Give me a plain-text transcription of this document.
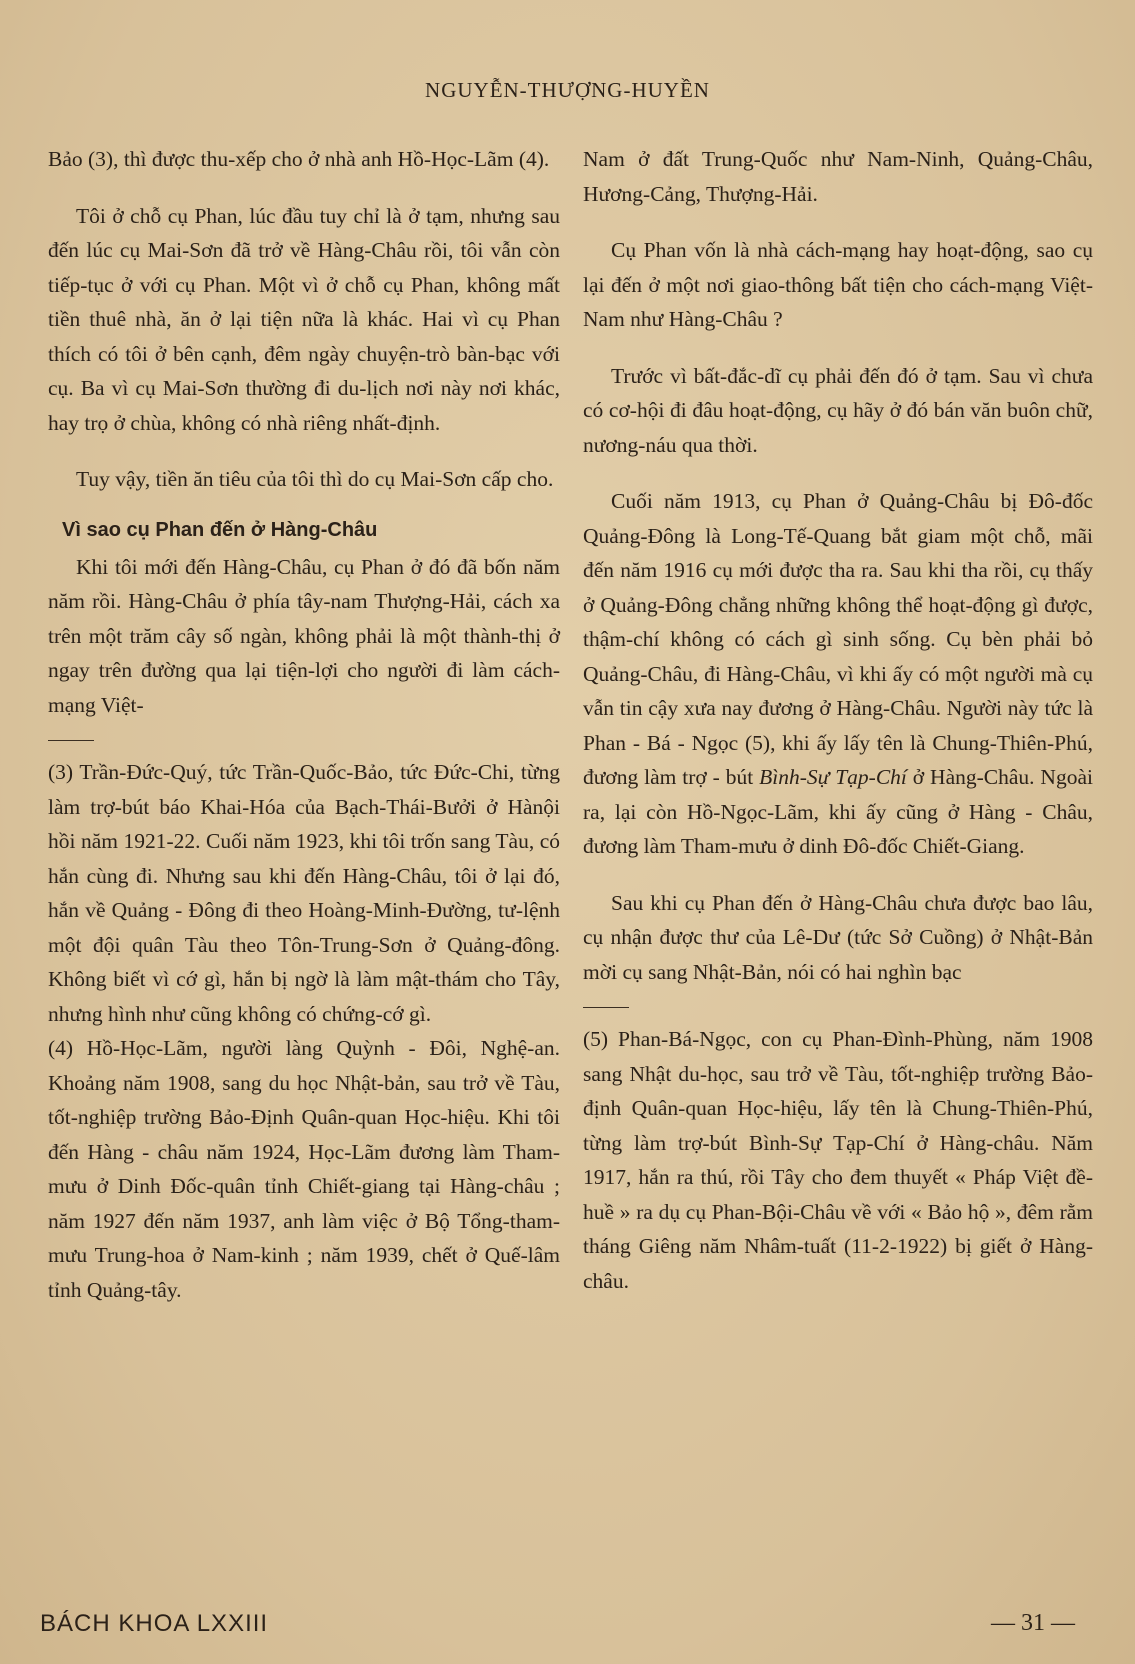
NGUYỄN-THƯỢNG-HUYỀN

Bảo (3), thì được thu-xếp cho ở nhà anh Hồ-Học-Lãm (4).

Tôi ở chỗ cụ Phan, lúc đầu tuy chỉ là ở tạm, nhưng sau đến lúc cụ Mai-Sơn đã trở về Hàng-Châu rồi, tôi vẫn còn tiếp-tục ở với cụ Phan. Một vì ở chỗ cụ Phan, không mất tiền thuê nhà, ăn ở lại tiện nữa là khác. Hai vì cụ Phan thích có tôi ở bên cạnh, đêm ngày chuyện-trò bàn-bạc với cụ. Ba vì cụ Mai-Sơn thường đi du-lịch nơi này nơi khác, hay trọ ở chùa, không có nhà riêng nhất-định.

Tuy vậy, tiền ăn tiêu của tôi thì do cụ Mai-Sơn cấp cho.

Vì sao cụ Phan đến ở Hàng-Châu

Khi tôi mới đến Hàng-Châu, cụ Phan ở đó đã bốn năm năm rồi. Hàng-Châu ở phía tây-nam Thượng-Hải, cách xa trên một trăm cây số ngàn, không phải là một thành-thị ở ngay trên đường qua lại tiện-lợi cho người đi làm cách-mạng Việt-

(3) Trần-Đức-Quý, tức Trần-Quốc-Bảo, tức Đức-Chi, từng làm trợ-bút báo Khai-Hóa của Bạch-Thái-Bưởi ở Hànội hồi năm 1921-22. Cuối năm 1923, khi tôi trốn sang Tàu, có hắn cùng đi. Nhưng sau khi đến Hàng-Châu, tôi ở lại đó, hắn về Quảng - Đông đi theo Hoàng-Minh-Đường, tư-lệnh một đội quân Tàu theo Tôn-Trung-Sơn ở Quảng-đông. Không biết vì cớ gì, hắn bị ngờ là làm mật-thám cho Tây, nhưng hình như cũng không có chứng-cớ gì.

(4) Hồ-Học-Lãm, người làng Quỳnh - Đôi, Nghệ-an. Khoảng năm 1908, sang du học Nhật-bản, sau trở về Tàu, tốt-nghiệp trường Bảo-Định Quân-quan Học-hiệu. Khi tôi đến Hàng - châu năm 1924, Học-Lãm đương làm Tham-mưu ở Dinh Đốc-quân tỉnh Chiết-giang tại Hàng-châu ; năm 1927 đến năm 1937, anh làm việc ở Bộ Tổng-tham-mưu Trung-hoa ở Nam-kinh ; năm 1939, chết ở Quế-lâm tỉnh Quảng-tây.

Nam ở đất Trung-Quốc như Nam-Ninh, Quảng-Châu, Hương-Cảng, Thượng-Hải.

Cụ Phan vốn là nhà cách-mạng hay hoạt-động, sao cụ lại đến ở một nơi giao-thông bất tiện cho cách-mạng Việt-Nam như Hàng-Châu ?

Trước vì bất-đắc-dĩ cụ phải đến đó ở tạm. Sau vì chưa có cơ-hội đi đâu hoạt-động, cụ hãy ở đó bán văn buôn chữ, nương-náu qua thời.

Cuối năm 1913, cụ Phan ở Quảng-Châu bị Đô-đốc Quảng-Đông là Long-Tế-Quang bắt giam một chỗ, mãi đến năm 1916 cụ mới được tha ra. Sau khi tha rồi, cụ thấy ở Quảng-Đông chẳng những không thể hoạt-động gì được, thậm-chí không có cách gì sinh sống. Cụ bèn phải bỏ Quảng-Châu, đi Hàng-Châu, vì khi ấy có một người mà cụ vẫn tin cậy xưa nay đương ở Hàng-Châu. Người này tức là Phan - Bá - Ngọc (5), khi ấy lấy tên là Chung-Thiên-Phú, đương làm trợ - bút Bình-Sự Tạp-Chí ở Hàng-Châu. Ngoài ra, lại còn Hồ-Ngọc-Lãm, khi ấy cũng ở Hàng - Châu, đương làm Tham-mưu ở dinh Đô-đốc Chiết-Giang.

Sau khi cụ Phan đến ở Hàng-Châu chưa được bao lâu, cụ nhận được thư của Lê-Dư (tức Sở Cuồng) ở Nhật-Bản mời cụ sang Nhật-Bản, nói có hai nghìn bạc

(5) Phan-Bá-Ngọc, con cụ Phan-Đình-Phùng, năm 1908 sang Nhật du-học, sau trở về Tàu, tốt-nghiệp trường Bảo-định Quân-quan Học-hiệu, lấy tên là Chung-Thiên-Phú, từng làm trợ-bút Bình-Sự Tạp-Chí ở Hàng-châu. Năm 1917, hắn ra thú, rồi Tây cho đem thuyết « Pháp Việt đề-huề » ra dụ cụ Phan-Bội-Châu về với « Bảo hộ », đêm rằm tháng Giêng năm Nhâm-tuất (11-2-1922) bị giết ở Hàng-châu.

BÁCH KHOA LXXIII	— 31 —
